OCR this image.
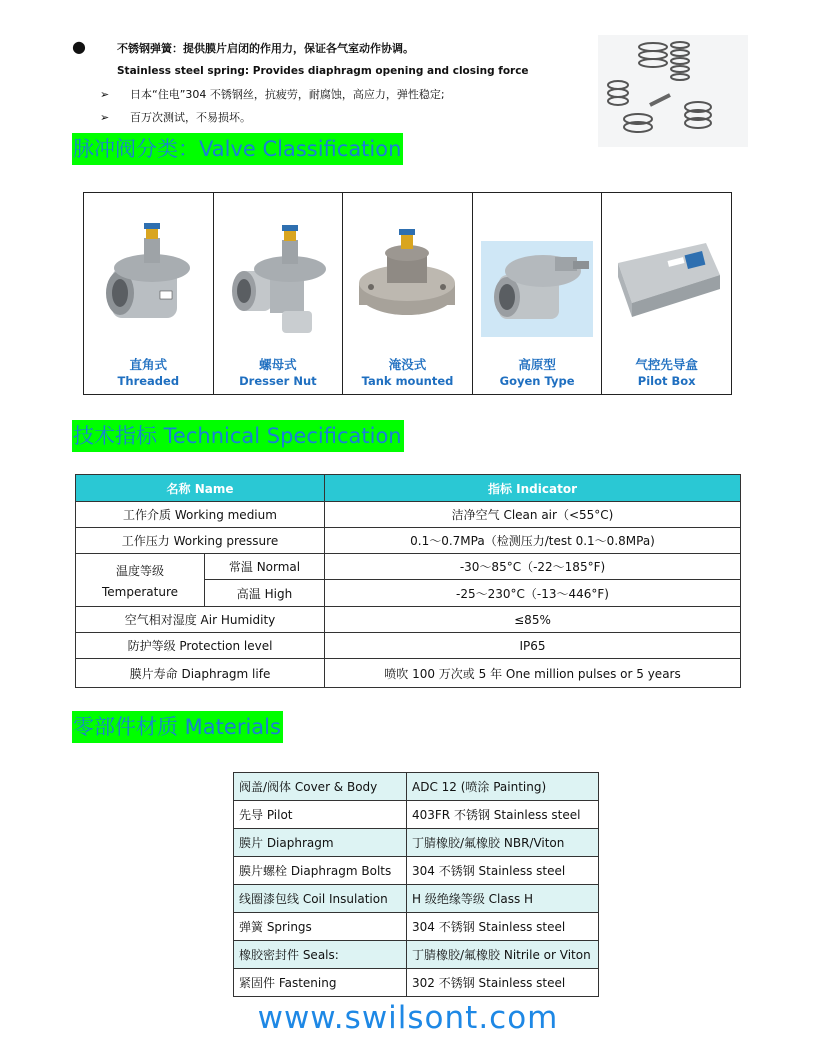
●	不锈钢弹簧：提供膜片启闭的作用力，保证各气室动作协调。
Stainless steel spring: Provides diaphragm opening and closing force
➢ 日本“住电”304 不锈钢丝，抗疲劳，耐腐蚀，高应力，弹性稳定;
➢ 百万次测试，不易损坏。
脉冲阀分类：Valve Classification
直角式
Threaded
螺母式
Dresser Nut
淹没式
Tank mounted
高原型
Goyen Type
气控先导盒
Pilot Box
技术指标 Technical Specification
名称 Name		指标 Indicator
工作介质 Working medium		洁净空气 Clean air（<55°C)
工作压力 Working pressure		0.1～0.7MPa（检测压力/test 0.1～0.8MPa)

温度等级
Temperature	常温 Normal	-30～85°C（-22～185°F)
	高温 High	-25～230°C（-13～446°F)
空气相对湿度 Air Humidity		≤85%
防护等级 Protection level		IP65
膜片寿命 Diaphragm life		喷吹 100 万次或 5 年 One million pulses or 5 years
零部件材质 Materials
阀盖/阀体 Cover & Body	ADC 12 (喷涂 Painting)
先导 Pilot	403FR 不锈钢 Stainless steel
膜片 Diaphragm	丁腈橡胶/氟橡胶 NBR/Viton
膜片螺栓 Diaphragm Bolts	304 不锈钢 Stainless steel
线圈漆包线 Coil Insulation	H 级绝缘等级 Class H
弹簧 Springs	304 不锈钢 Stainless steel
橡胶密封件 Seals:	丁腈橡胶/氟橡胶 Nitrile or Viton
紧固件 Fastening	302 不锈钢 Stainless steel
www.swilsont.com
